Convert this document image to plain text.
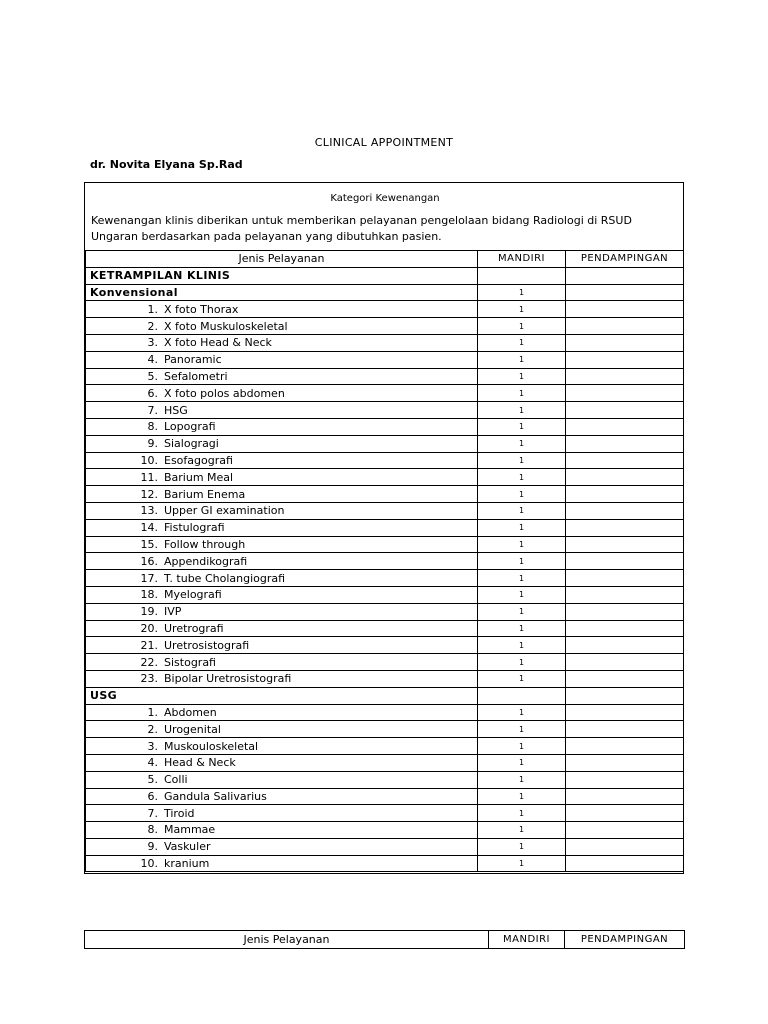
CLINICAL APPOINTMENT
dr. Novita Elyana Sp.Rad
Kategori Kewenangan
Kewenangan klinis diberikan untuk memberikan pelayanan pengelolaan bidang Radiologi di RSUD Ungaran berdasarkan pada pelayanan yang dibutuhkan pasien.
Jenis Pelayanan	MANDIRI	PENDAMPINGAN
KETRAMPILAN KLINIS		
Konvensional	1	
1. X foto Thorax	1	
2. X foto Muskuloskeletal	1	
3. X foto Head & Neck	1	
4. Panoramic	1	
5. Sefalometri	1	
6. X foto polos abdomen	1	
7. HSG	1	
8. Lopografi	1	
9. Sialogragi	1	
10. Esofagografi	1	
11. Barium Meal	1	
12. Barium Enema	1	
13. Upper GI examination	1	
14. Fistulografi	1	
15. Follow through	1	
16. Appendikografi	1	
17. T. tube Cholangiografi	1	
18. Myelografi	1	
19. IVP	1	
20. Uretrografi	1	
21. Uretrosistografi	1	
22. Sistografi	1	
23. Bipolar Uretrosistografi	1	
USG		
1. Abdomen	1	
2. Urogenital	1	
3. Muskouloskeletal	1	
4. Head & Neck	1	
5. Colli	1	
6. Gandula Salivarius	1	
7. Tiroid	1	
8. Mammae	1	
9. Vaskuler	1	
10. kranium	1	
Jenis Pelayanan	MANDIRI	PENDAMPINGAN
